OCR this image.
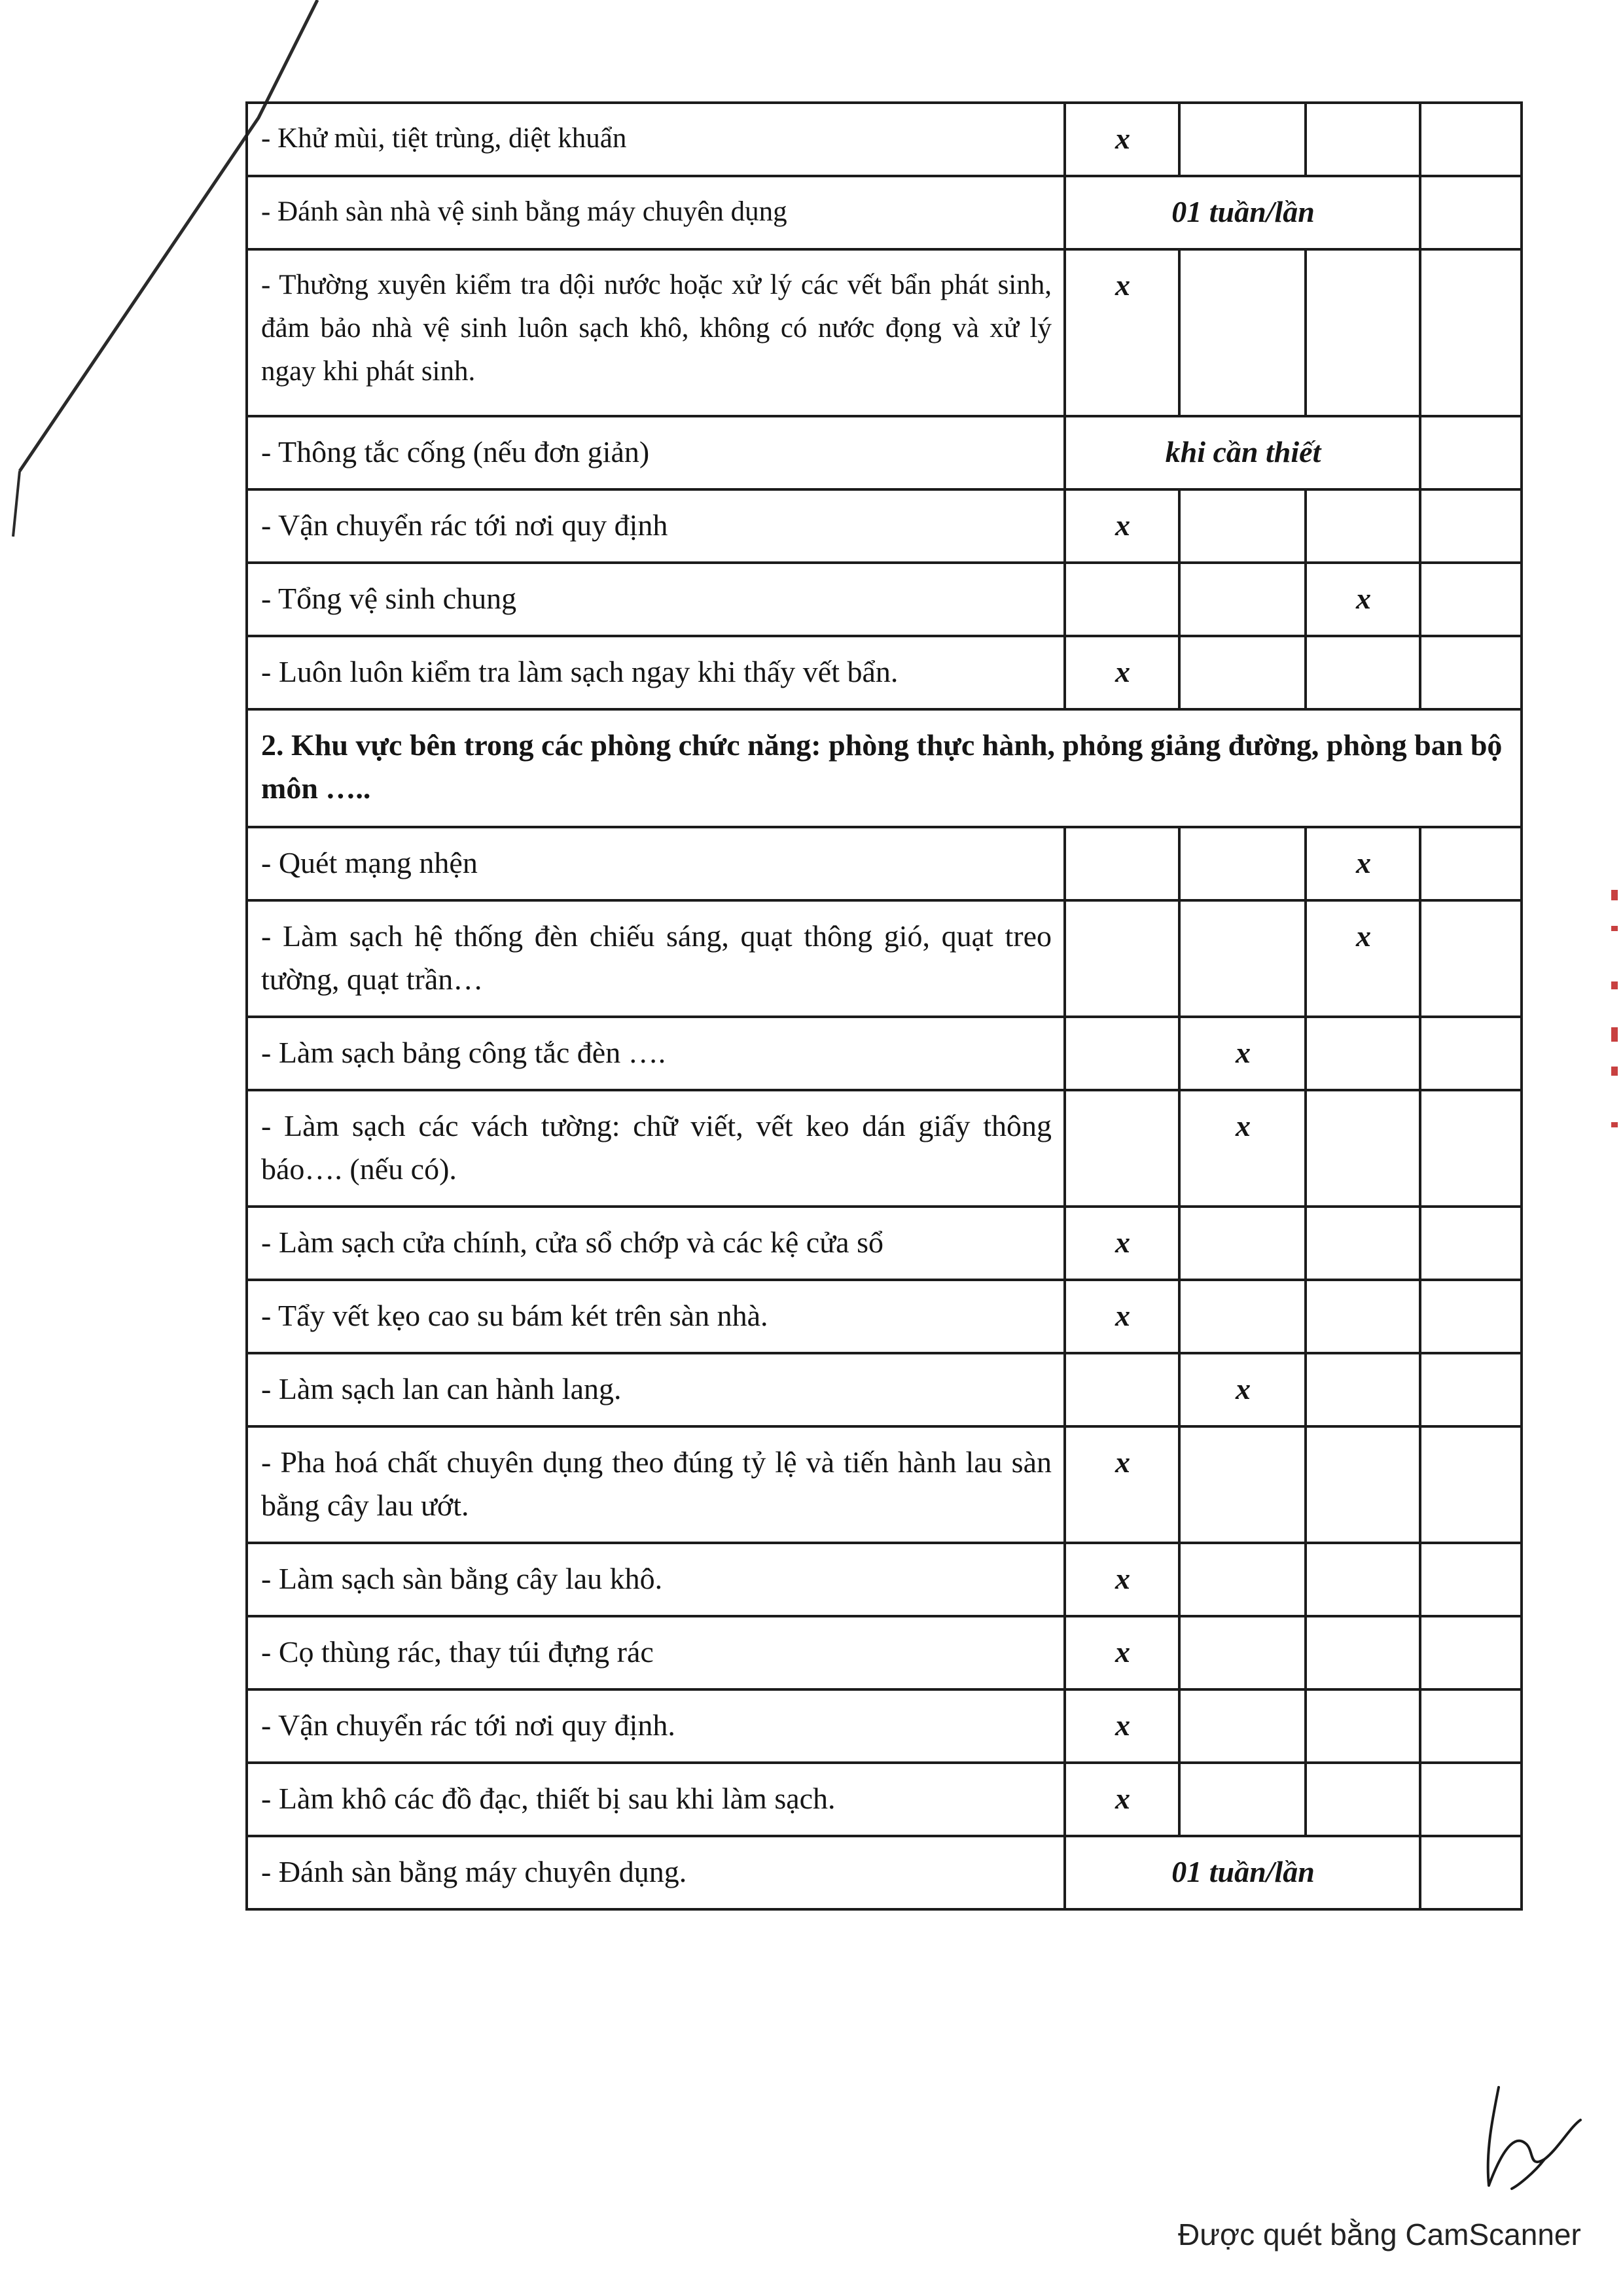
- Khử mùi, tiệt trùng, diệt khuẩn	x			
- Đánh sàn nhà vệ sinh bằng máy chuyên dụng	01 tuần/lần			
- Thường xuyên kiểm tra dội nước hoặc xử lý các vết bẩn phát sinh, đảm bảo nhà vệ sinh luôn sạch khô, không có nước đọng và xử lý ngay khi phát sinh.	x			
- Thông tắc cống (nếu đơn giản)	khi cần thiết			
- Vận chuyển rác tới nơi quy định	x			
- Tổng vệ sinh chung			x	
- Luôn luôn kiểm tra làm sạch ngay khi thấy vết bẩn.	x			
2. Khu vực bên trong các phòng chức năng: phòng thực hành, phỏng giảng đường, phòng ban bộ môn …..				
- Quét mạng nhện			x	
- Làm sạch hệ thống đèn chiếu sáng, quạt thông gió, quạt treo tường, quạt trần…			x	
- Làm sạch bảng công tắc đèn ….		x		
- Làm sạch các vách tường: chữ viết, vết keo dán giấy thông báo…. (nếu có).		x		
- Làm sạch cửa chính, cửa sổ chớp và các kệ cửa sổ	x			
- Tẩy vết kẹo cao su bám két trên sàn nhà.	x			
- Làm sạch lan can hành lang.		x		
- Pha hoá chất chuyên dụng theo đúng tỷ lệ và tiến hành lau sàn bằng cây lau ướt.	x			
- Làm sạch sàn bằng cây lau khô.	x			
- Cọ thùng rác, thay túi đựng rác	x			
- Vận chuyển rác tới nơi quy định.	x			
- Làm khô các đồ đạc, thiết bị sau khi làm sạch.	x			
- Đánh sàn bằng máy chuyên dụng.	01 tuần/lần			
Được quét bằng CamScanner
